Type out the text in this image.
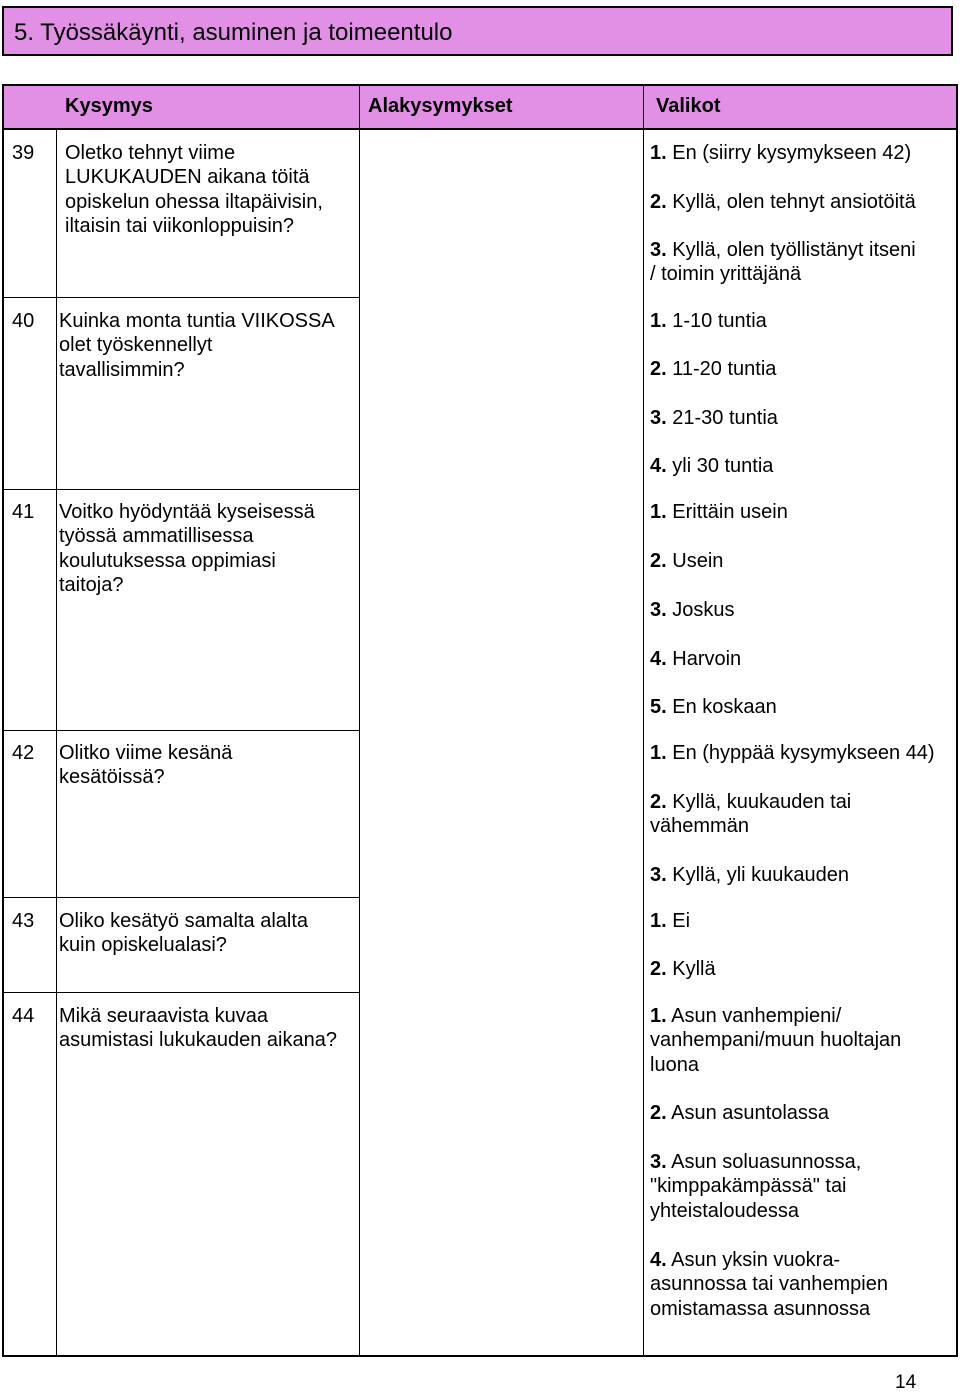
5. Työssäkäynti, asuminen ja toimeentulo
Kysymys	Alakysymykset	Valikot
39 Oletko tehnyt viime
LUKUKAUDEN aikana töitä
opiskelun ohessa iltapäivisin,
iltaisin tai viikonloppuisin?
1. En (siirry kysymykseen 42)
2. Kyllä, olen tehnyt ansiotöitä
3. Kyllä, olen työllistänyt itseni
/ toimin yrittäjänä
40 Kuinka monta tuntia VIIKOSSA
olet työskennellyt
tavallisimmin?
1. 1-10 tuntia
2. 11-20 tuntia
3. 21-30 tuntia
4. yli 30 tuntia
41 Voitko hyödyntää kyseisessä
työssä ammatillisessa
koulutuksessa oppimiasi
taitoja?
1. Erittäin usein
2. Usein
3. Joskus
4. Harvoin
5. En koskaan
42 Olitko viime kesänä
kesätöissä?
1. En (hyppää kysymykseen 44)
2. Kyllä, kuukauden tai
vähemmän
3. Kyllä, yli kuukauden
43 Oliko kesätyö samalta alalta
kuin opiskelualasi?
1. Ei
2. Kyllä
44 Mikä seuraavista kuvaa
asumistasi lukukauden aikana?
1. Asun vanhempieni/
vanhempani/muun huoltajan
luona
2. Asun asuntolassa
3. Asun soluasunnossa,
"kimppakämpässä" tai
yhteistaloudessa
4. Asun yksin vuokra-
asunnossa tai vanhempien
omistamassa asunnossa
14
